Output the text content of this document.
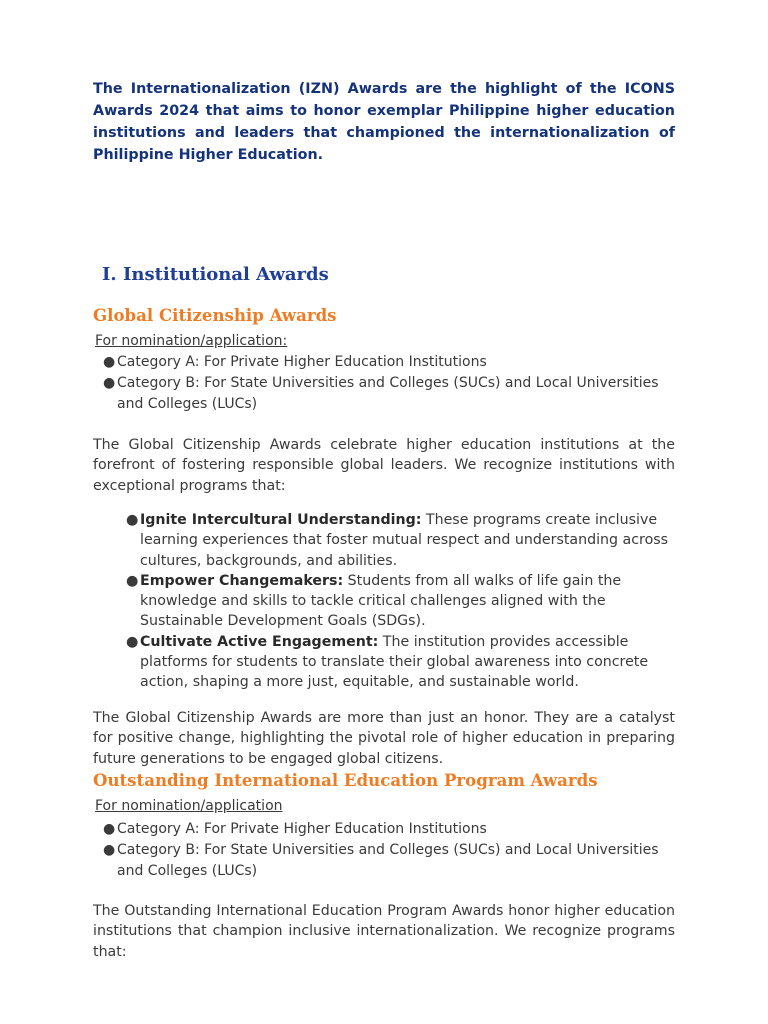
The Internationalization (IZN) Awards are the highlight of the ICONS Awards 2024 that aims to honor exemplar Philippine higher education institutions and leaders that championed the internationalization of Philippine Higher Education.

I. Institutional Awards
Global Citizenship Awards

For nomination/application:

● Category A: For Private Higher Education Institutions
● Category B: For State Universities and Colleges (SUCs) and Local Universities and Colleges (LUCs)

The Global Citizenship Awards celebrate higher education institutions at the forefront of fostering responsible global leaders. We recognize institutions with exceptional programs that:

● Ignite Intercultural Understanding: These programs create inclusive learning experiences that foster mutual respect and understanding across cultures, backgrounds, and abilities.
● Empower Changemakers: Students from all walks of life gain the knowledge and skills to tackle critical challenges aligned with the Sustainable Development Goals (SDGs).
● Cultivate Active Engagement: The institution provides accessible platforms for students to translate their global awareness into concrete action, shaping a more just, equitable, and sustainable world.

The Global Citizenship Awards are more than just an honor. They are a catalyst for positive change, highlighting the pivotal role of higher education in preparing future generations to be engaged global citizens.

Outstanding International Education Program Awards

For nomination/application

● Category A: For Private Higher Education Institutions
● Category B: For State Universities and Colleges (SUCs) and Local Universities and Colleges (LUCs)

The Outstanding International Education Program Awards honor higher education institutions that champion inclusive internationalization. We recognize programs that:
